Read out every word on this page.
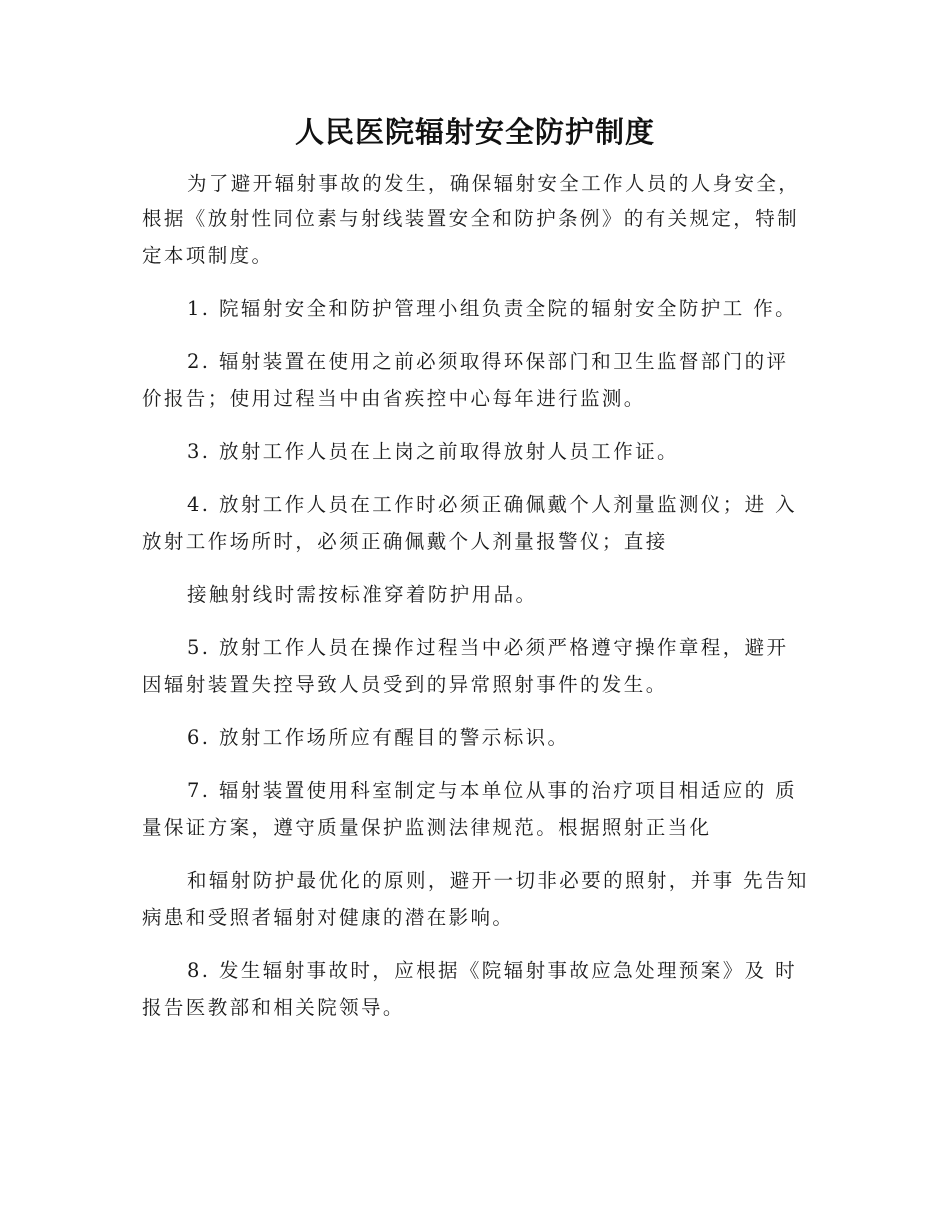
人民医院辐射安全防护制度
为了避开辐射事故的发生，确保辐射安全工作人员的人身安全，
根据《放射性同位素与射线装置安全和防护条例》的有关规定，特制
定本项制度。
1. 院辐射安全和防护管理小组负责全院的辐射安全防护工 作。
2. 辐射装置在使用之前必须取得环保部门和卫生监督部门的评
价报告；使用过程当中由省疾控中心每年进行监测。
3. 放射工作人员在上岗之前取得放射人员工作证。
4. 放射工作人员在工作时必须正确佩戴个人剂量监测仪；进 入
放射工作场所时，必须正确佩戴个人剂量报警仪；直接
接触射线时需按标准穿着防护用品。
5. 放射工作人员在操作过程当中必须严格遵守操作章程，避开
因辐射装置失控导致人员受到的异常照射事件的发生。
6. 放射工作场所应有醒目的警示标识。
7. 辐射装置使用科室制定与本单位从事的治疗项目相适应的 质
量保证方案，遵守质量保护监测法律规范。根据照射正当化
和辐射防护最优化的原则，避开一切非必要的照射，并事 先告知
病患和受照者辐射对健康的潜在影响。
8. 发生辐射事故时，应根据《院辐射事故应急处理预案》及 时
报告医教部和相关院领导。
